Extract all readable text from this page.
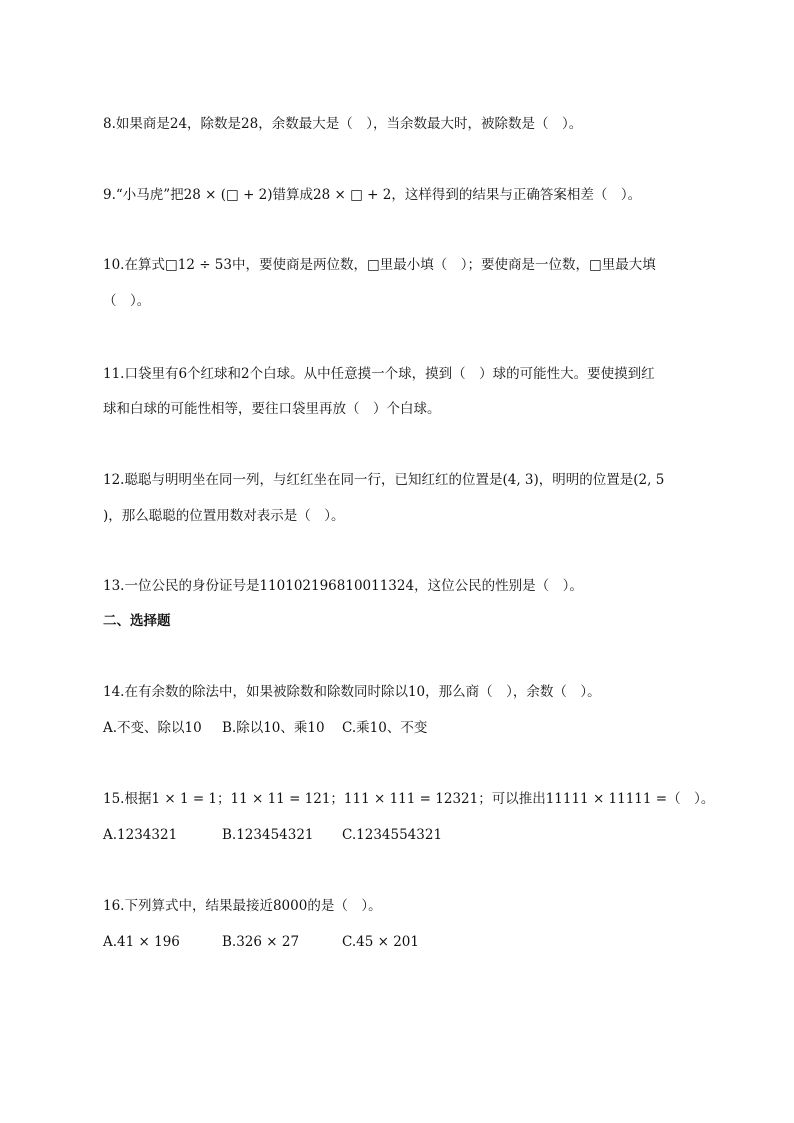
8.如果商是24，除数是28，余数最大是（　），当余数最大时，被除数是（　）。
9.“小马虎”把28 × (□ + 2)错算成28 × □ + 2，这样得到的结果与正确答案相差（　）。
10.在算式□12 ÷ 53中，要使商是两位数，□里最小填（　）；要使商是一位数，□里最大填
（　）。
11.口袋里有6个红球和2个白球。从中任意摸一个球，摸到（　）球的可能性大。要使摸到红
球和白球的可能性相等，要往口袋里再放（　）个白球。
12.聪聪与明明坐在同一列，与红红坐在同一行，已知红红的位置是(4, 3)，明明的位置是(2, 5
)，那么聪聪的位置用数对表示是（　）。
13.一位公民的身份证号是110102196810011324，这位公民的性别是（　）。
二、选择题
14.在有余数的除法中，如果被除数和除数同时除以10，那么商（　），余数（　）。
A.不变、除以10 B.除以10、乘10 C.乘10、不变
15.根据1 × 1 = 1；11 × 11 = 121；111 × 111 = 12321；可以推出11111 × 11111 =（　）。
A.1234321	B.123454321 C.1234554321
16.下列算式中，结果最接近8000的是（　）。
A.41 × 196	B.326 × 27	C.45 × 201
